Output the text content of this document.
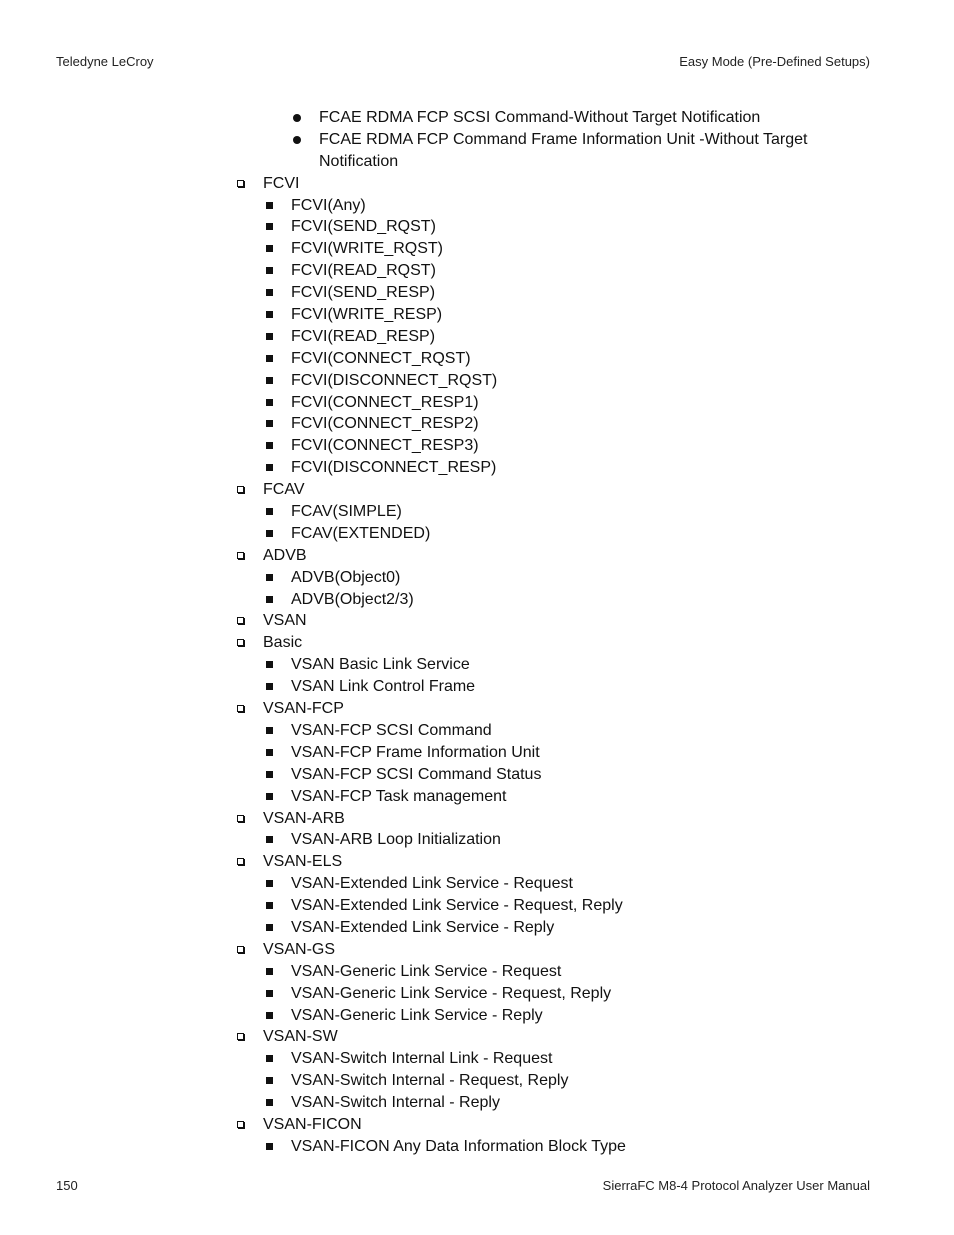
Teledyne LeCroy	Easy Mode (Pre-Defined Setups)
FCAE RDMA FCP SCSI Command-Without Target Notification
FCAE RDMA FCP Command Frame Information Unit -Without Target
Notification
FCVI
FCVI(Any)
FCVI(SEND_RQST)
FCVI(WRITE_RQST)
FCVI(READ_RQST)
FCVI(SEND_RESP)
FCVI(WRITE_RESP)
FCVI(READ_RESP)
FCVI(CONNECT_RQST)
FCVI(DISCONNECT_RQST)
FCVI(CONNECT_RESP1)
FCVI(CONNECT_RESP2)
FCVI(CONNECT_RESP3)
FCVI(DISCONNECT_RESP)
FCAV
FCAV(SIMPLE)
FCAV(EXTENDED)
ADVB
ADVB(Object0)
ADVB(Object2/3)
VSAN
Basic
VSAN Basic Link Service
VSAN Link Control Frame
VSAN-FCP
VSAN-FCP SCSI Command
VSAN-FCP Frame Information Unit
VSAN-FCP SCSI Command Status
VSAN-FCP Task management
VSAN-ARB
VSAN-ARB Loop Initialization
VSAN-ELS
VSAN-Extended Link Service - Request
VSAN-Extended Link Service - Request, Reply
VSAN-Extended Link Service - Reply
VSAN-GS
VSAN-Generic Link Service - Request
VSAN-Generic Link Service - Request, Reply
VSAN-Generic Link Service - Reply
VSAN-SW
VSAN-Switch Internal Link - Request
VSAN-Switch Internal - Request, Reply
VSAN-Switch Internal - Reply
VSAN-FICON
VSAN-FICON Any Data Information Block Type
150	SierraFC M8-4 Protocol Analyzer User Manual
